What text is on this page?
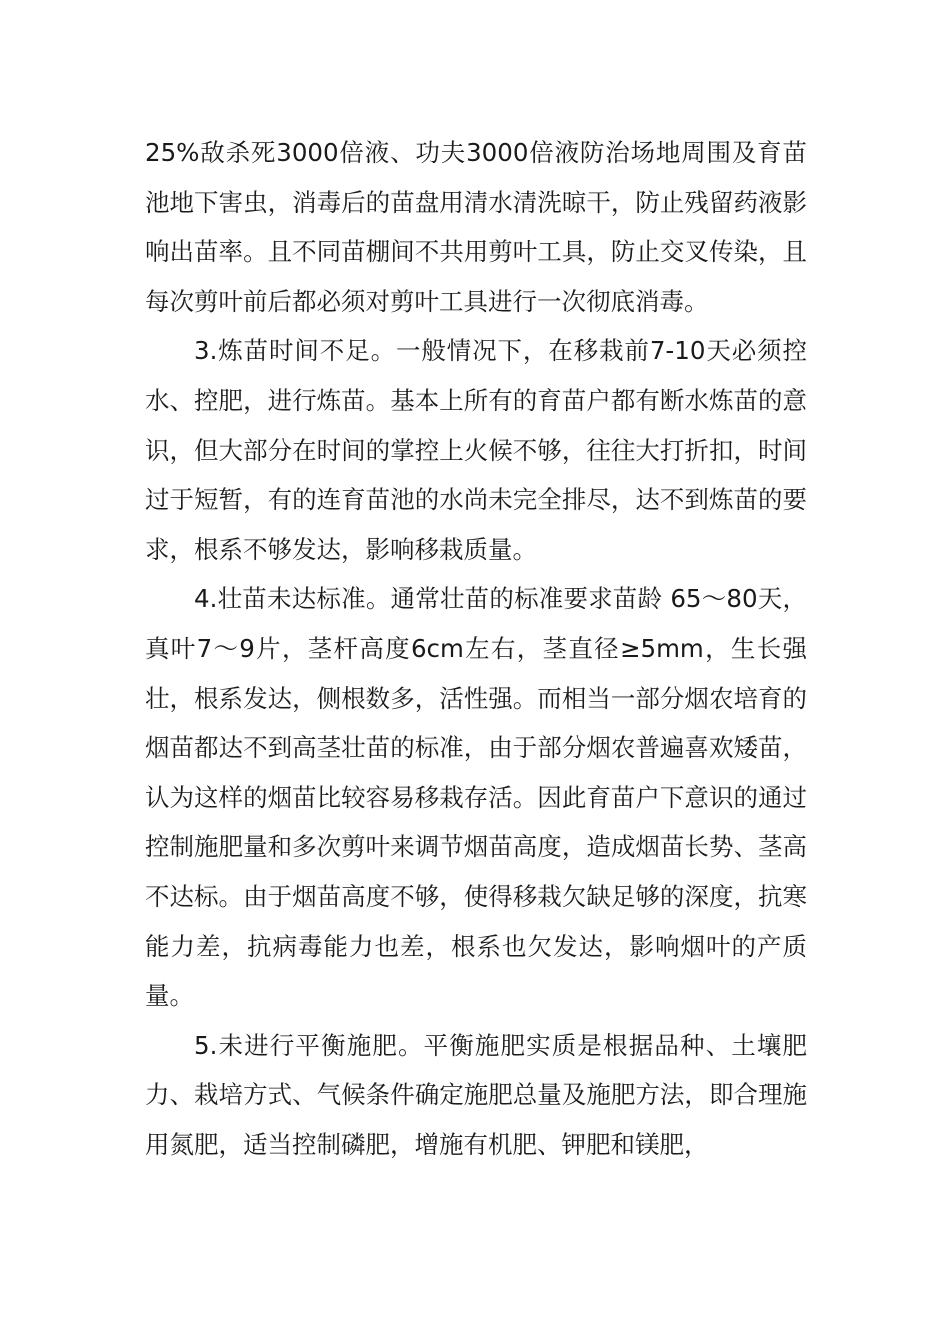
25%敌杀死3000倍液、功夫3000倍液防治场地周围及育苗池地下害虫，消毒后的苗盘用清水清洗晾干，防止残留药液影响出苗率。且不同苗棚间不共用剪叶工具，防止交叉传染，且每次剪叶前后都必须对剪叶工具进行一次彻底消毒。

3.炼苗时间不足。一般情况下，在移栽前7-10天必须控水、控肥，进行炼苗。基本上所有的育苗户都有断水炼苗的意识，但大部分在时间的掌控上火候不够，往往大打折扣，时间过于短暂，有的连育苗池的水尚未完全排尽，达不到炼苗的要求，根系不够发达，影响移栽质量。

4.壮苗未达标准。通常壮苗的标准要求苗龄 65～80天，真叶7～9片，茎杆高度6cm左右，茎直径≥5mm，生长强壮，根系发达，侧根数多，活性强。而相当一部分烟农培育的烟苗都达不到高茎壮苗的标准，由于部分烟农普遍喜欢矮苗，认为这样的烟苗比较容易移栽存活。因此育苗户下意识的通过控制施肥量和多次剪叶来调节烟苗高度，造成烟苗长势、茎高不达标。由于烟苗高度不够，使得移栽欠缺足够的深度，抗寒能力差，抗病毒能力也差，根系也欠发达，影响烟叶的产质量。

5.未进行平衡施肥。平衡施肥实质是根据品种、土壤肥力、栽培方式、气候条件确定施肥总量及施肥方法，即合理施用氮肥，适当控制磷肥，增施有机肥、钾肥和镁肥，
